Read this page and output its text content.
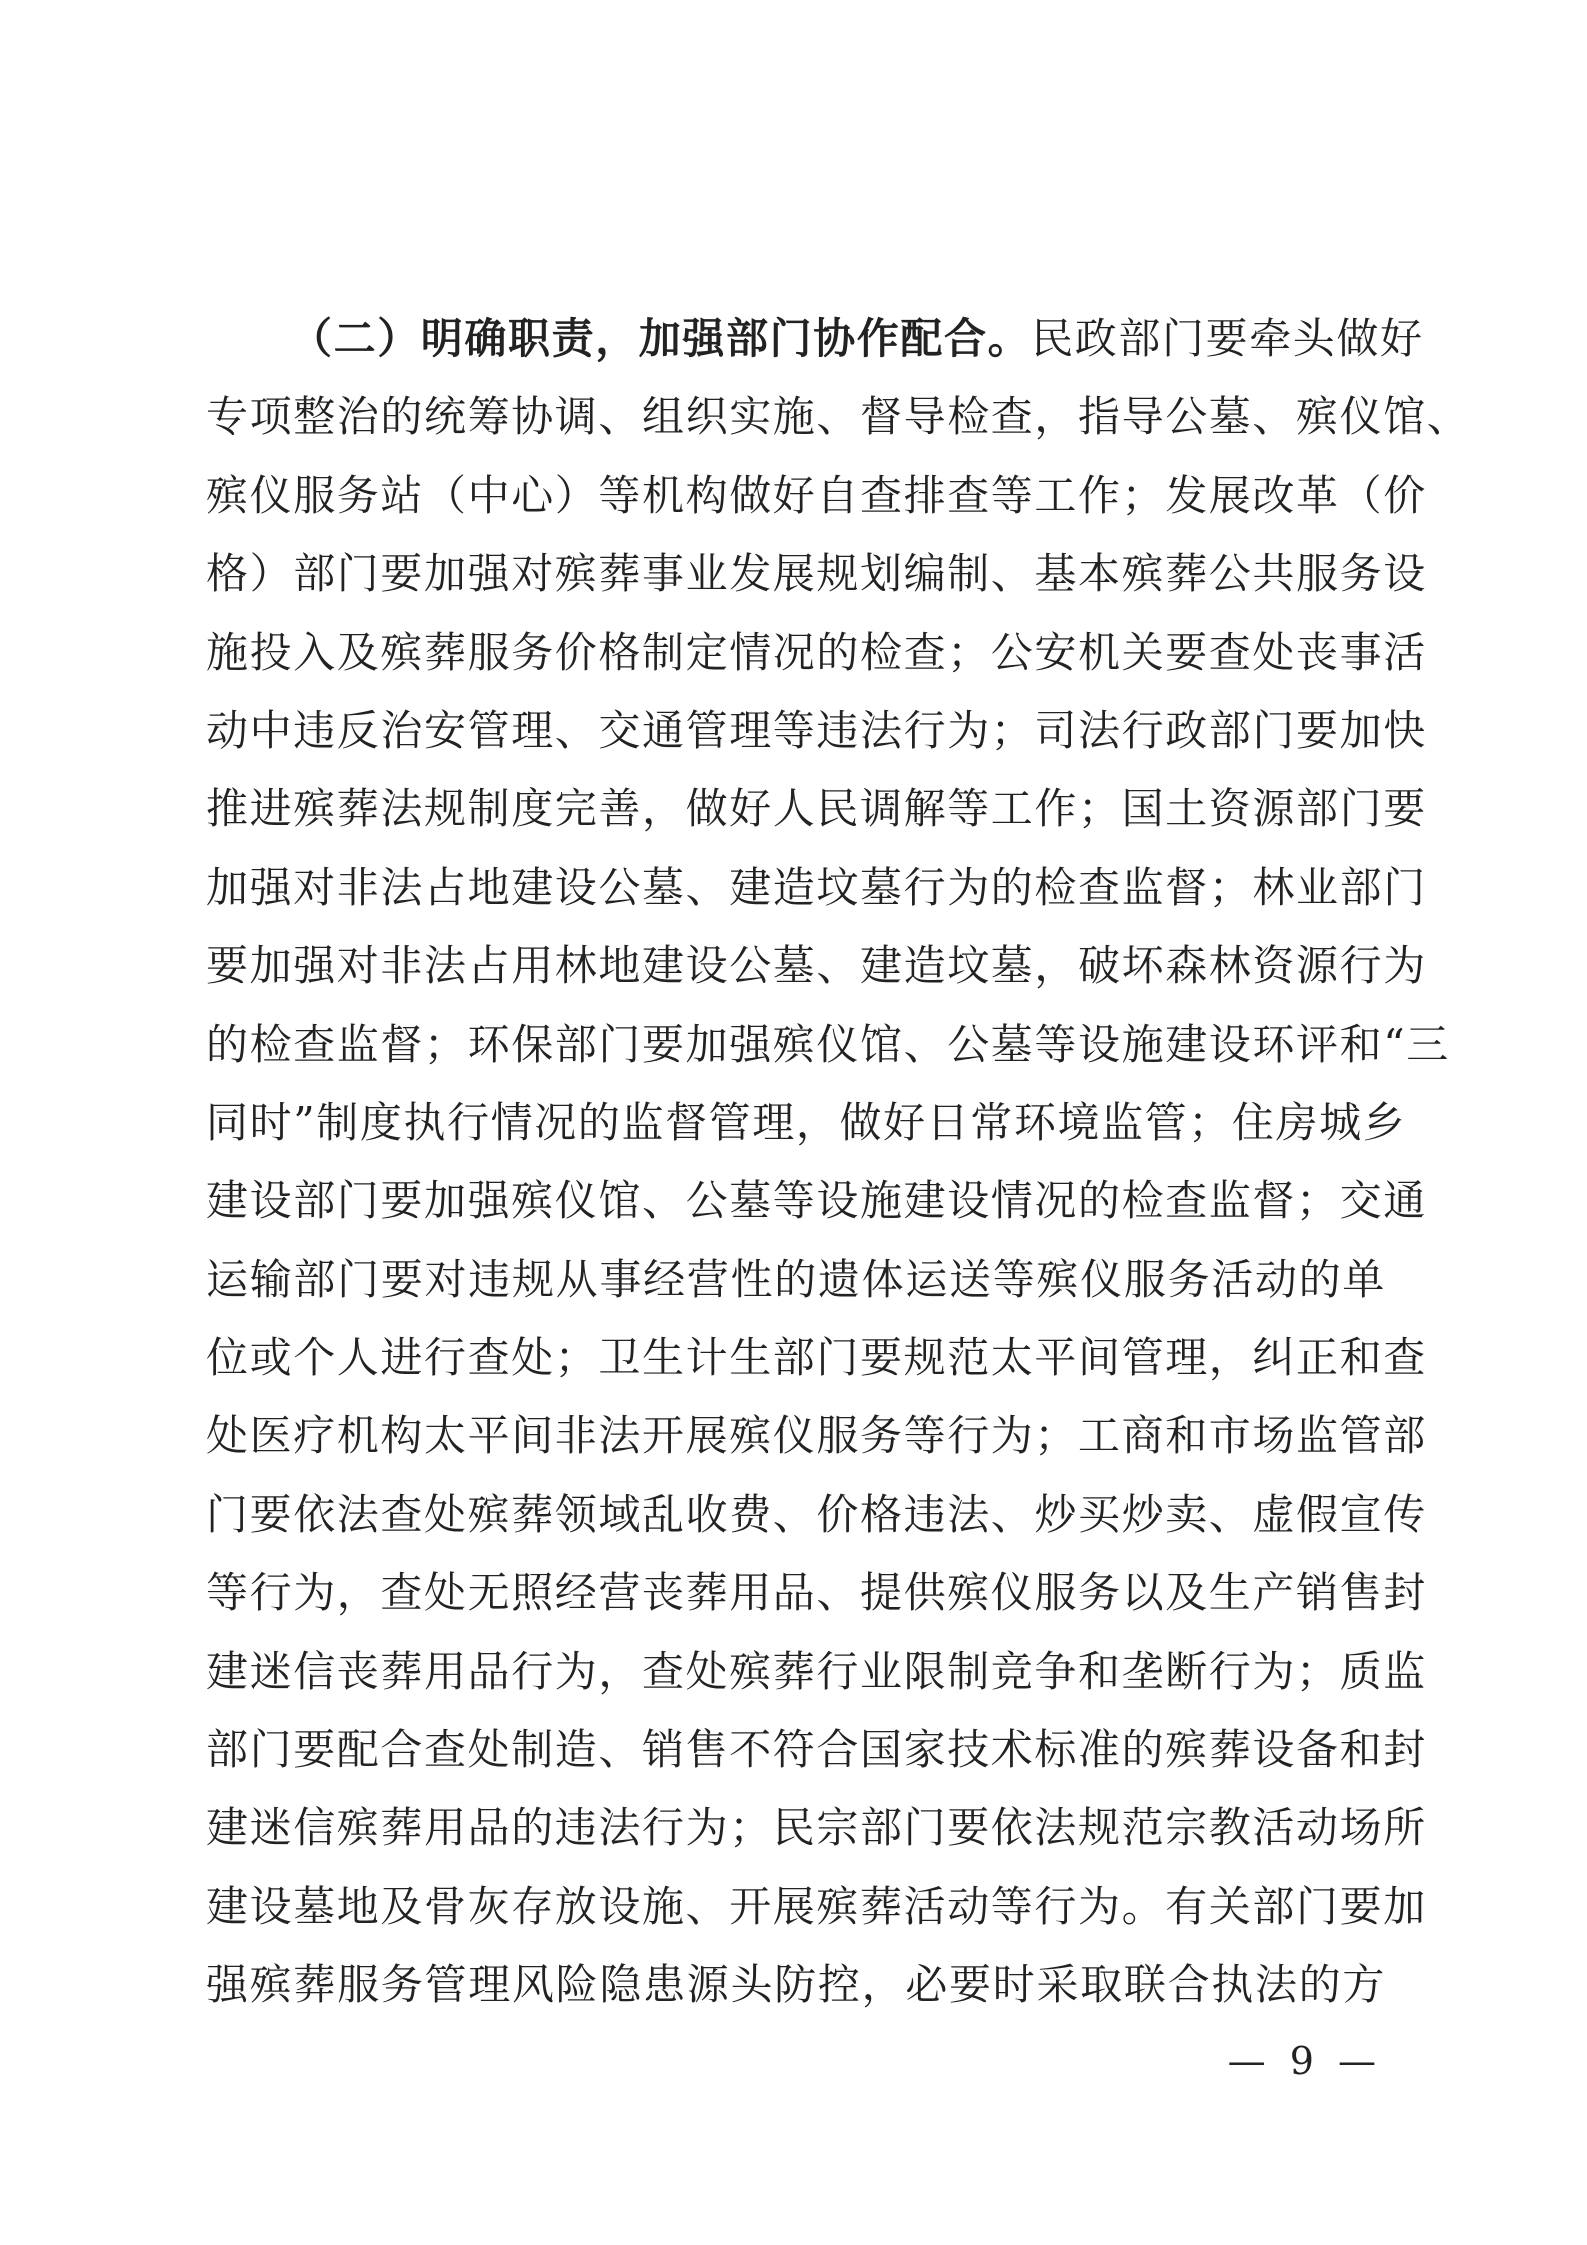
（二）明确职责，加强部门协作配合。民政部门要牵头做好
专项整治的统筹协调、组织实施、督导检查，指导公墓、殡仪馆、
殡仪服务站（中心）等机构做好自查排查等工作；发展改革（价
格）部门要加强对殡葬事业发展规划编制、基本殡葬公共服务设
施投入及殡葬服务价格制定情况的检查；公安机关要查处丧事活
动中违反治安管理、交通管理等违法行为；司法行政部门要加快
推进殡葬法规制度完善，做好人民调解等工作；国土资源部门要
加强对非法占地建设公墓、建造坟墓行为的检查监督；林业部门
要加强对非法占用林地建设公墓、建造坟墓，破坏森林资源行为
的检查监督；环保部门要加强殡仪馆、公墓等设施建设环评和“三
同时”制度执行情况的监督管理，做好日常环境监管；住房城乡
建设部门要加强殡仪馆、公墓等设施建设情况的检查监督；交通
运输部门要对违规从事经营性的遗体运送等殡仪服务活动的单
位或个人进行查处；卫生计生部门要规范太平间管理，纠正和查
处医疗机构太平间非法开展殡仪服务等行为；工商和市场监管部
门要依法查处殡葬领域乱收费、价格违法、炒买炒卖、虚假宣传
等行为，查处无照经营丧葬用品、提供殡仪服务以及生产销售封
建迷信丧葬用品行为，查处殡葬行业限制竞争和垄断行为；质监
部门要配合查处制造、销售不符合国家技术标准的殡葬设备和封
建迷信殡葬用品的违法行为；民宗部门要依法规范宗教活动场所
建设墓地及骨灰存放设施、开展殡葬活动等行为。有关部门要加
强殡葬服务管理风险隐患源头防控，必要时采取联合执法的方
— 9 —
